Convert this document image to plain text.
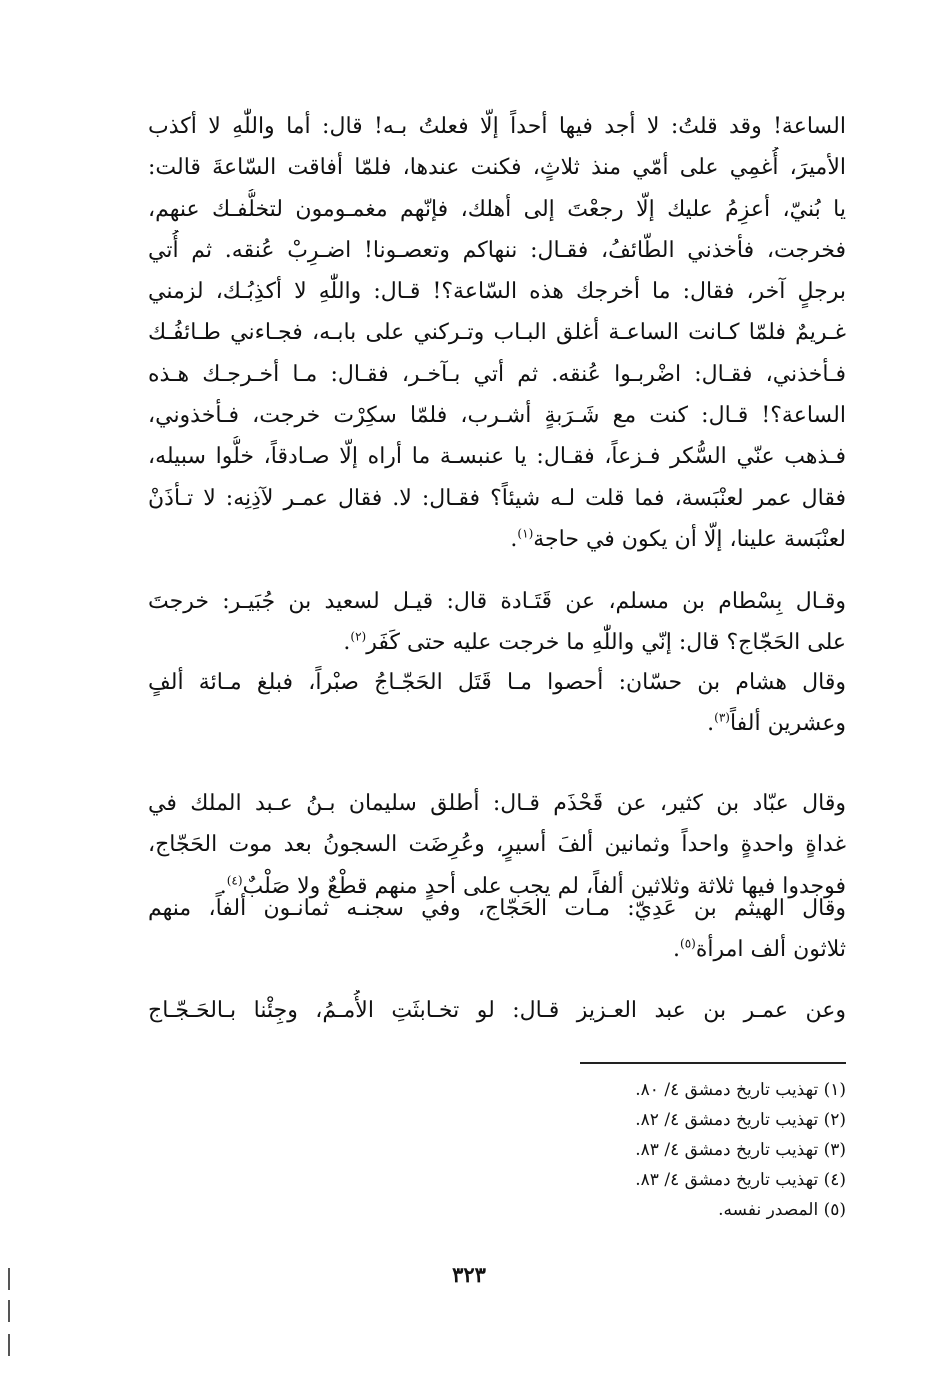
الساعة! وقد قلتُ: لا أجد فيها أحداً إلّا فعلتُ بـه! قال: أما واللّٰهِ لا أكذب
الأميرَ، أُغمِي على أمّي منذ ثلاثٍ، فكنت عندها، فلمّا أفاقت السّاعةَ قالت:
يا بُنيّ، أعزِمُ عليك إلّا رجعْتَ إلى أهلك، فإنّهم مغمـومون لتخلُّفـك عنهم،
فخرجت، فأخذني الطّائفُ، فقـال: ننهاكم وتعصـونا! اضـرِبْ عُنقه. ثم أُتي
برجلٍ آخر، فقال: ما أخرجك هذه السّاعة؟! قـال: واللّٰهِ لا أكذِبُـك، لزمني
غـريمٌ فلمّا كـانت الساعـة أغلق البـاب وتـركني على بابـه، فجـاءني طـائفُـك
فـأخذني، فقـال: اضْربـوا عُنقه. ثم أتي بـآخـر، فقـال: مـا أخـرجـك هـذه
الساعة؟! قـال: كنت مع شَـرَبةٍ أشـرب، فلمّا سكِرْت خرجت، فـأخذوني،
فـذهب عنّي السُّكر فـزعاً، فقـال: يا عنبسـة ما أراه إلّا صـادقاً، خلُّوا سبيله،
فقال عمر لعنْبَسة، فما قلت لـه شيئاً؟ فقـال: لا. فقال عمـر لآذِنِه: لا تـأذَنْ
لعنْبَسة علينا، إلّا أن يكون في حاجة$^{(١)}$.

وقـال بِسْطام بن مسلم، عن قَتَـادة قال: قيـل لسعيد بن جُبَيـر: خرجتَ
على الحَجّاج؟ قال: إنّي واللّٰهِ ما خرجت عليه حتى كَفَر$^{(٢)}$.

وقال هشام بن حسّان: أحصوا مـا قَتَل الحَجّـاجُ صبْراً، فبلغ مـائة ألفٍ
وعشرين ألفاً$^{(٣)}$.

وقال عبّاد بن كثير، عن قَحْذَم قـال: أطلق سليمان بـنُ عـبد الملك في
غداةٍ واحدةٍ واحداً وثمانين ألفَ أسيرٍ، وعُرِضَت السجونُ بعد موت الحَجّاج،
فوجدوا فيها ثلاثة وثلاثين ألفاً، لم يجب على أحدٍ منهم قطْعٌ ولا صَلْبٌ$^{(٤)}$.

وقال الهيثم بن عَدِيّ: مـات الحَجّاج، وفي سجنـه ثمانـون ألفاً، منهم
ثلاثون ألف امرأة$^{(٥)}$.

وعن عمـر بن عبد العـزيز قـال: لو تخـابثَتِ الأُمـمُ، وجِئْنا بـالحَـجّـاج

(١) تهذيب تاريخ دمشق ٤/ ٨٠.
(٢) تهذيب تاريخ دمشق ٤/ ٨٢.
(٣) تهذيب تاريخ دمشق ٤/ ٨٣.
(٤) تهذيب تاريخ دمشق ٤/ ٨٣.
(٥) المصدر نفسه.
٣٢٣
